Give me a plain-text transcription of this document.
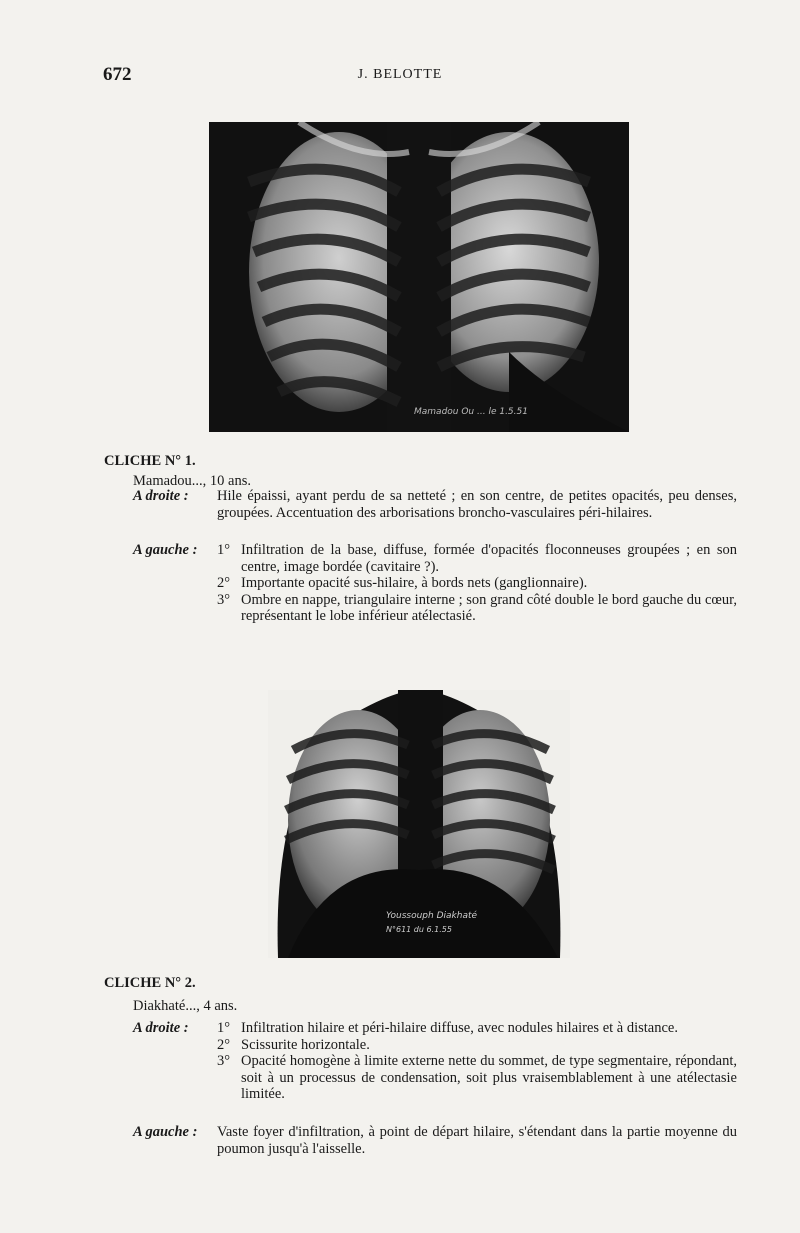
672	J. BELOTTE
Mamadou Ou ... le 1.5.51
CLICHE N° 1.
Mamadou..., 10 ans.
A droite :	Hile épaissi, ayant perdu de sa netteté ; en son centre, de petites opacités, peu denses, groupées. Accentuation des arborisations broncho-vasculaires péri-hilaires.
A gauche :	1° Infiltration de la base, diffuse, formée d'opacités floconneuses groupées ; en son centre, image bordée (cavitaire ?).
2° Importante opacité sus-hilaire, à bords nets (ganglionnaire).
3° Ombre en nappe, triangulaire interne ; son grand côté double le bord gauche du cœur, représentant le lobe inférieur atélectasié.
Youssouph Diakhaté
N°611 du 6.1.55
CLICHE N° 2.
Diakhaté..., 4 ans.
A droite :	1° Infiltration hilaire et péri-hilaire diffuse, avec nodules hilaires et à distance.
2° Scissurite horizontale.
3° Opacité homogène à limite externe nette du sommet, de type segmentaire, répondant, soit à un processus de condensation, soit plus vraisemblablement à une atélectasie limitée.
A gauche :	Vaste foyer d'infiltration, à point de départ hilaire, s'étendant dans la partie moyenne du poumon jusqu'à l'aisselle.
